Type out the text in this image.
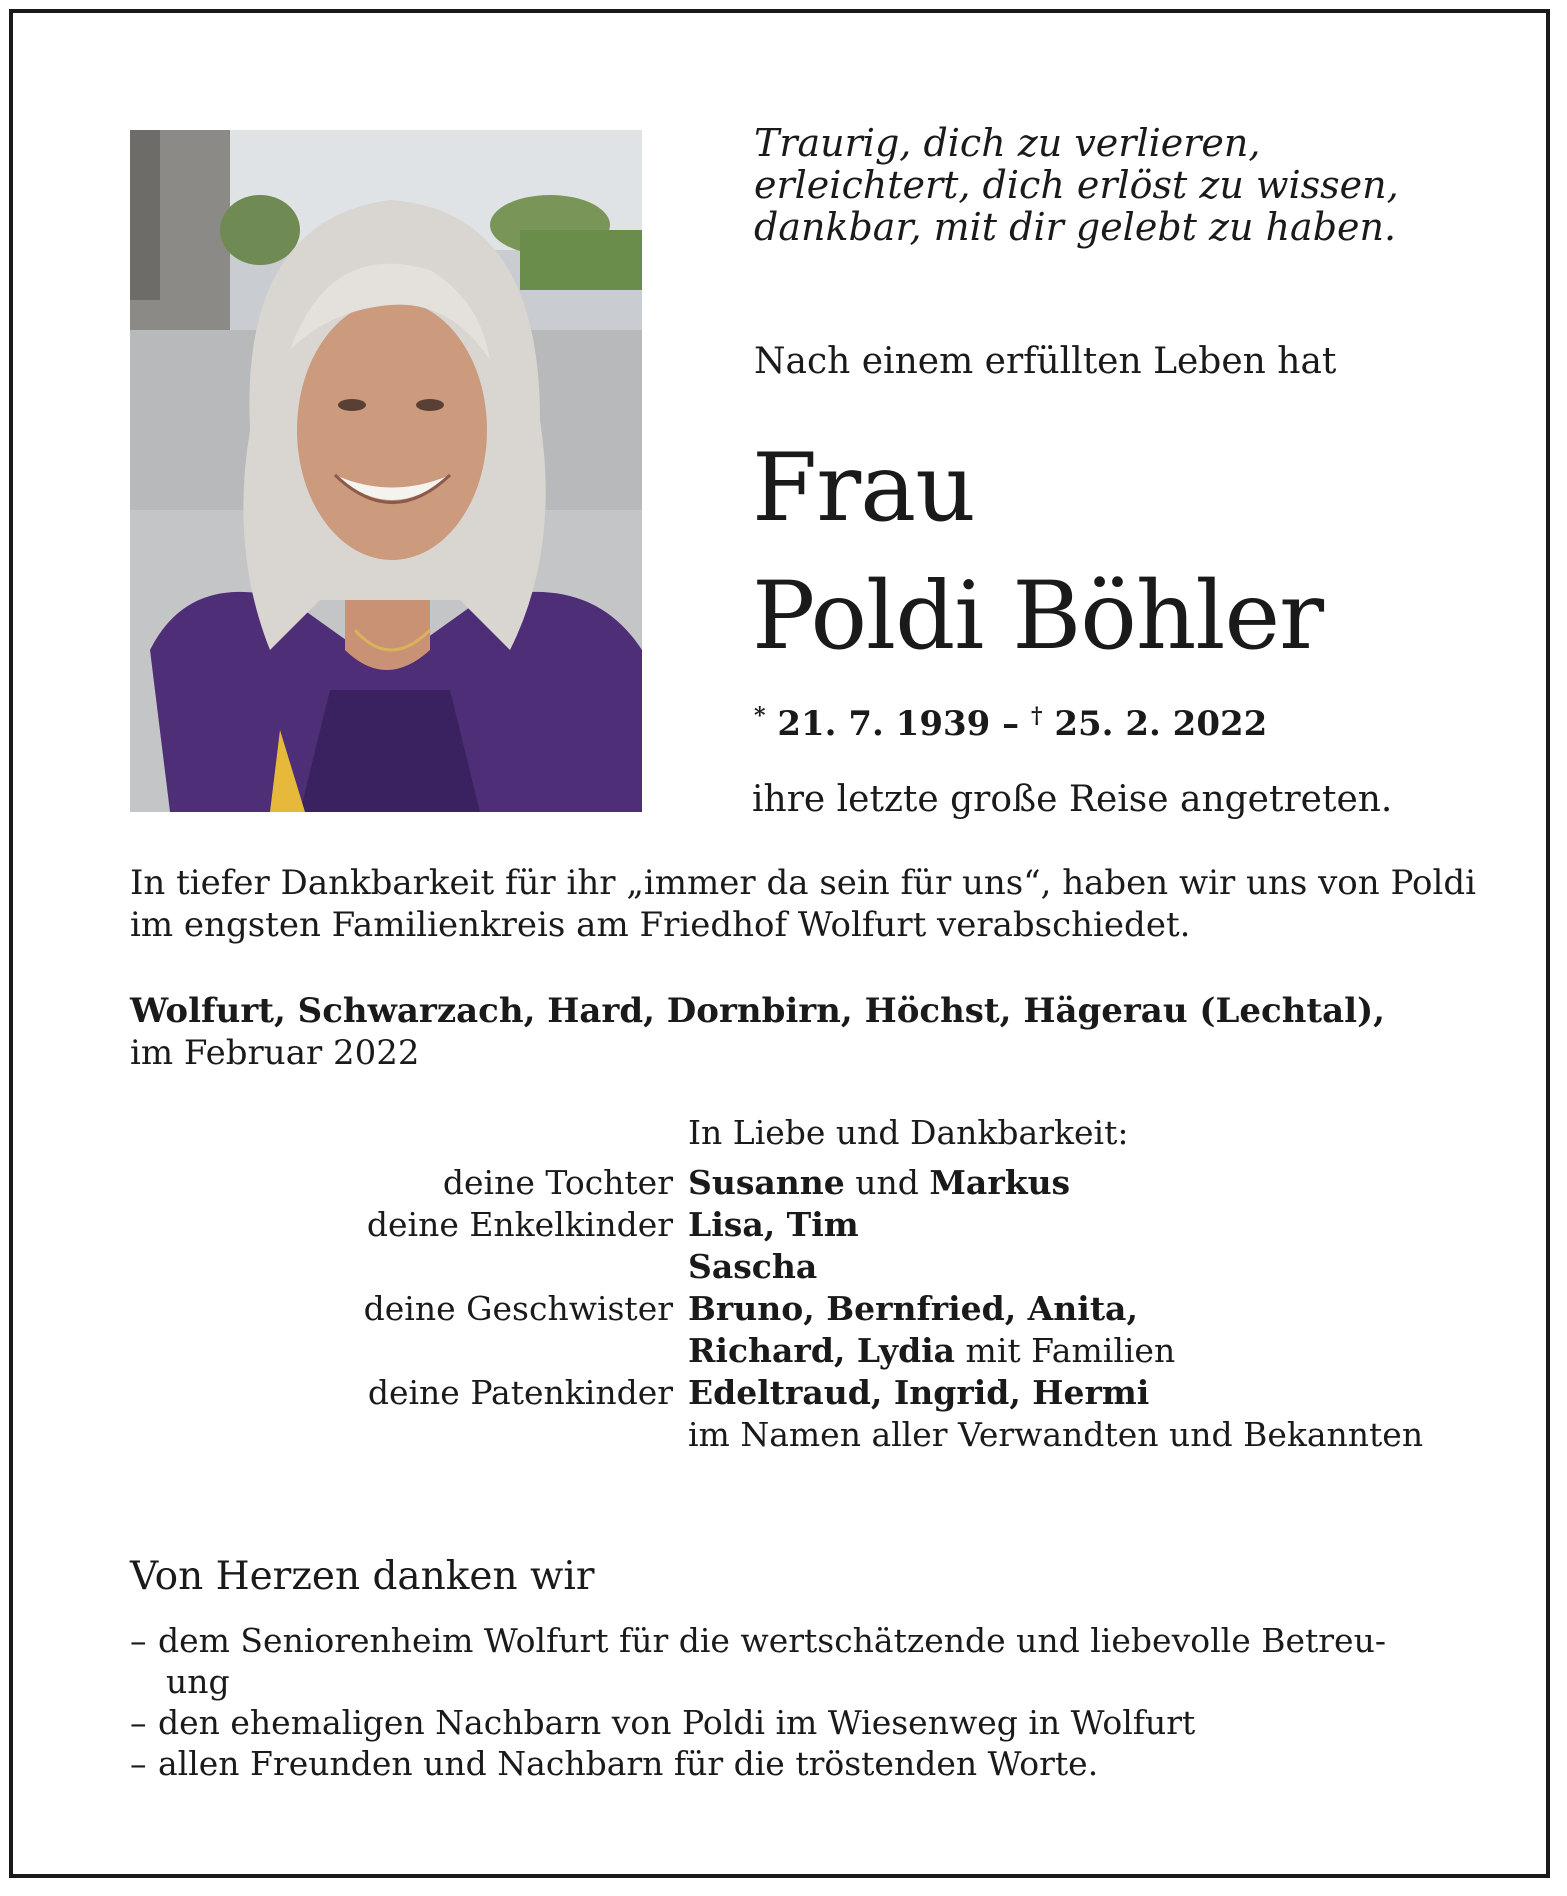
Traurig, dich zu verlieren,
erleichtert, dich erlöst zu wissen,
dankbar, mit dir gelebt zu haben.
Nach einem erfüllten Leben hat
Frau
Poldi Böhler
* 21. 7. 1939 – † 25. 2. 2022
ihre letzte große Reise angetreten.
In tiefer Dankbarkeit für ihr „immer da sein für uns“, haben wir uns von Poldi
im engsten Familienkreis am Friedhof Wolfurt verabschiedet.
Wolfurt, Schwarzach, Hard, Dornbirn, Höchst, Hägerau (Lechtal),
im Februar 2022
In Liebe und Dankbarkeit:
deine Tochter Susanne und Markus
deine Enkelkinder Lisa, Tim
Sascha
deine Geschwister Bruno, Bernfried, Anita,
Richard, Lydia mit Familien
deine Patenkinder Edeltraud, Ingrid, Hermi
im Namen aller Verwandten und Bekannten
Von Herzen danken wir
– dem Seniorenheim Wolfurt für die wertschätzende und liebevolle Betreu-
ung
– den ehemaligen Nachbarn von Poldi im Wiesenweg in Wolfurt
– allen Freunden und Nachbarn für die tröstenden Worte.
